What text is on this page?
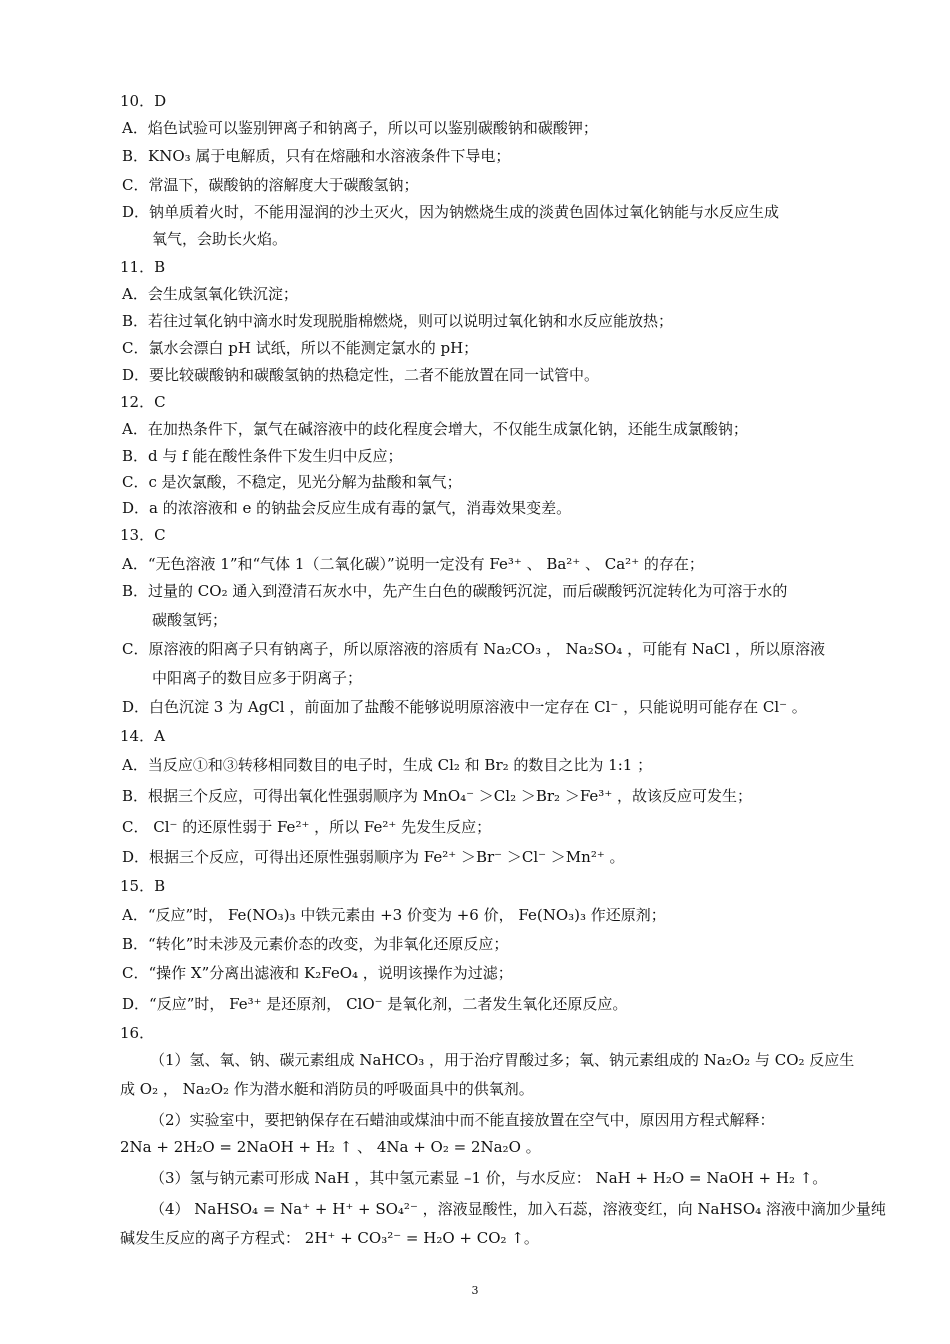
10．D
A．焰色试验可以鉴别钾离子和钠离子，所以可以鉴别碳酸钠和碳酸钾；
B．KNO₃ 属于电解质，只有在熔融和水溶液条件下导电；
C．常温下，碳酸钠的溶解度大于碳酸氢钠；
D．钠单质着火时，不能用湿润的沙土灭火，因为钠燃烧生成的淡黄色固体过氧化钠能与水反应生成
氧气，会助长火焰。
11．B
A．会生成氢氧化铁沉淀；
B．若往过氧化钠中滴水时发现脱脂棉燃烧，则可以说明过氧化钠和水反应能放热；
C．氯水会漂白 pH 试纸，所以不能测定氯水的 pH；
D．要比较碳酸钠和碳酸氢钠的热稳定性，二者不能放置在同一试管中。
12．C
A．在加热条件下，氯气在碱溶液中的歧化程度会增大，不仅能生成氯化钠，还能生成氯酸钠；
B．d 与 f 能在酸性条件下发生归中反应；
C．c 是次氯酸，不稳定，见光分解为盐酸和氧气；
D．a 的浓溶液和 e 的钠盐会反应生成有毒的氯气，消毒效果变差。
13．C
A．“无色溶液 1”和“气体 1（二氧化碳）”说明一定没有 Fe³⁺ 、 Ba²⁺ 、 Ca²⁺ 的存在；
B．过量的 CO₂ 通入到澄清石灰水中，先产生白色的碳酸钙沉淀，而后碳酸钙沉淀转化为可溶于水的
碳酸氢钙；
C．原溶液的阳离子只有钠离子，所以原溶液的溶质有 Na₂CO₃ ， Na₂SO₄ ，可能有 NaCl ，所以原溶液
中阳离子的数目应多于阴离子；
D．白色沉淀 3 为 AgCl ，前面加了盐酸不能够说明原溶液中一定存在 Cl⁻ ，只能说明可能存在 Cl⁻ 。
14．A
A．当反应①和③转移相同数目的电子时，生成 Cl₂ 和 Br₂ 的数目之比为 1:1 ；
B．根据三个反应，可得出氧化性强弱顺序为 MnO₄⁻ ＞Cl₂ ＞Br₂ ＞Fe³⁺ ，故该反应可发生；
C． Cl⁻ 的还原性弱于 Fe²⁺ ，所以 Fe²⁺ 先发生反应；
D．根据三个反应，可得出还原性强弱顺序为 Fe²⁺ ＞Br⁻ ＞Cl⁻ ＞Mn²⁺ 。
15．B
A．“反应”时， Fe(NO₃)₃ 中铁元素由 +3 价变为 +6 价， Fe(NO₃)₃ 作还原剂；
B．“转化”时未涉及元素价态的改变，为非氧化还原反应；
C．“操作 X”分离出滤液和 K₂FeO₄ ，说明该操作为过滤；
D．“反应”时， Fe³⁺ 是还原剂， ClO⁻ 是氧化剂，二者发生氧化还原反应。
16．
（1）氢、氧、钠、碳元素组成 NaHCO₃ ，用于治疗胃酸过多；氧、钠元素组成的 Na₂O₂ 与 CO₂ 反应生
成 O₂ ， Na₂O₂ 作为潜水艇和消防员的呼吸面具中的供氧剂。
（2）实验室中，要把钠保存在石蜡油或煤油中而不能直接放置在空气中，原因用方程式解释：
2Na + 2H₂O = 2NaOH + H₂ ↑ 、 4Na + O₂ = 2Na₂O 。
（3）氢与钠元素可形成 NaH ，其中氢元素显 –1 价，与水反应： NaH + H₂O = NaOH + H₂ ↑。
（4） NaHSO₄ = Na⁺ + H⁺ + SO₄²⁻ ，溶液显酸性，加入石蕊，溶液变红，向 NaHSO₄ 溶液中滴加少量纯
碱发生反应的离子方程式： 2H⁺ + CO₃²⁻ = H₂O + CO₂ ↑。
3
